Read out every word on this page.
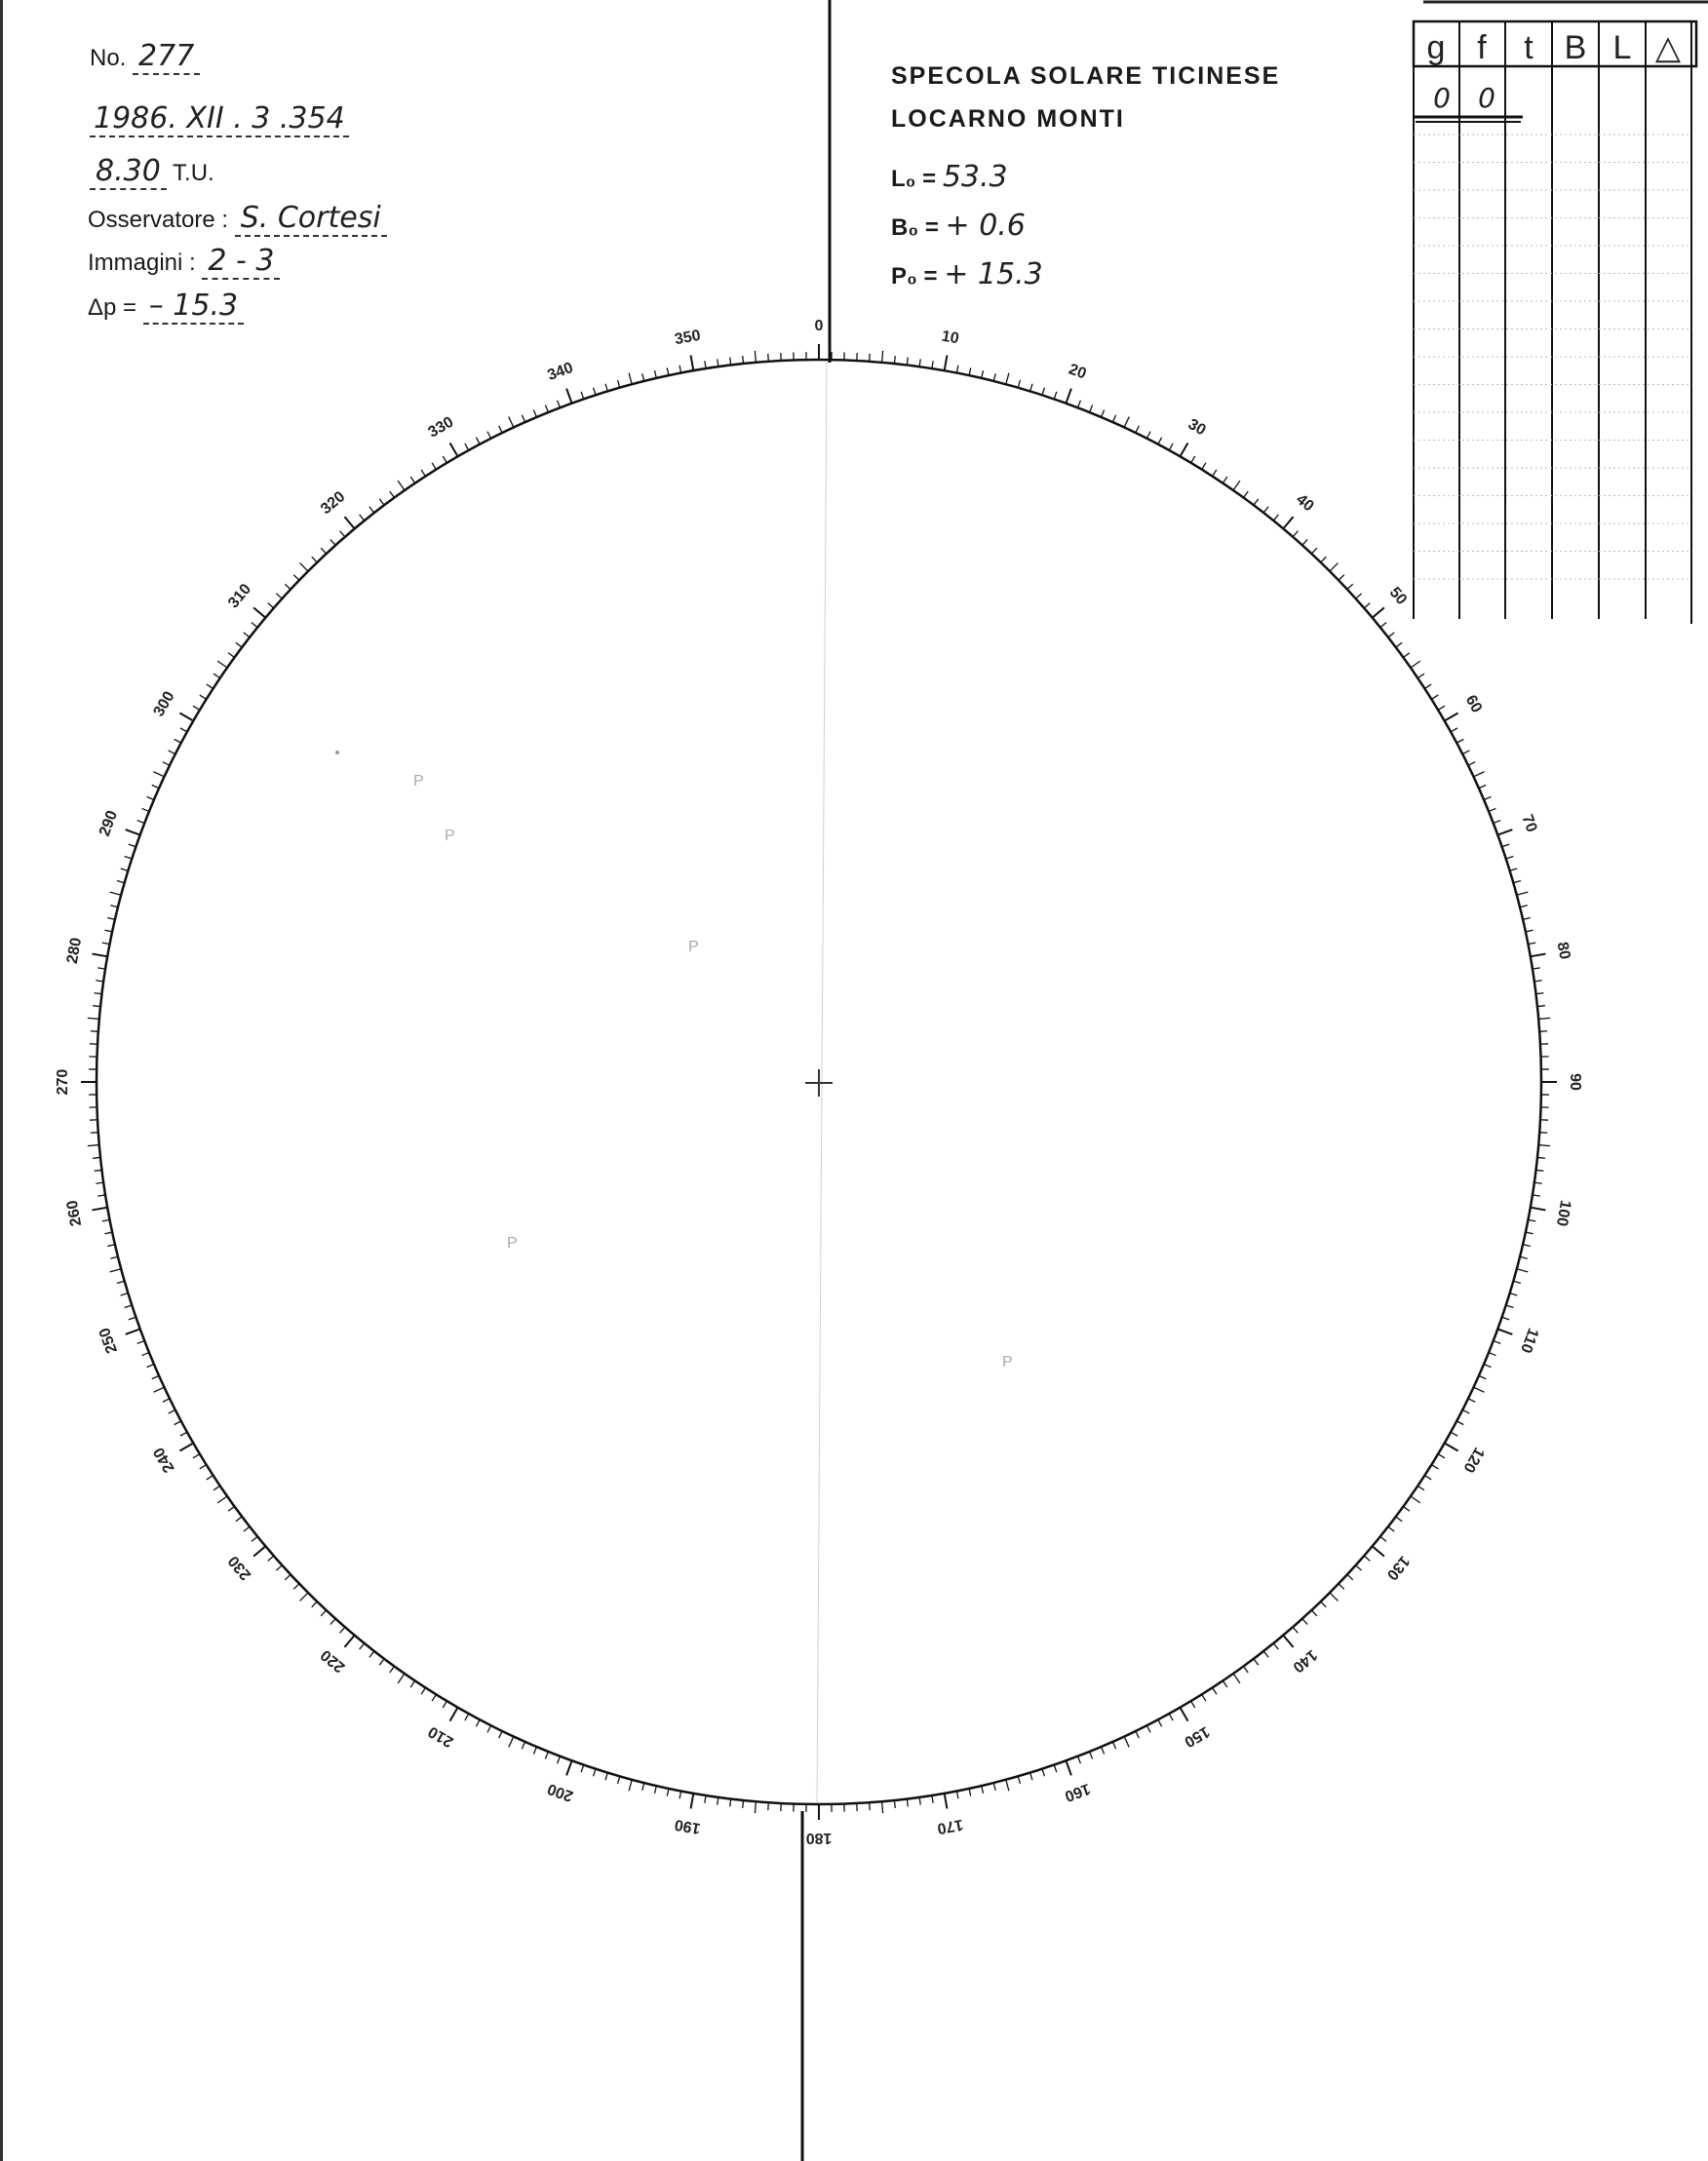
No. 277
1986. XII . 3 .354
8.30 T.U.
Osservatore : S. Cortesi
Immagini : 2 - 3
Δp = – 15.3
SPECOLA SOLARE TICINESE
LOCARNO MONTI
L₀ = 53.3
B₀ = + 0.6
P₀ = + 15.3
0
10
20
30
40
50
60
70
80
90
100
110
120
130
140
150
160
170
180
190
200
210
220
230
240
250
260
270
280
290
300
310
320
330
340
350
P
P
P
P
P
g f t B L △
0 0
